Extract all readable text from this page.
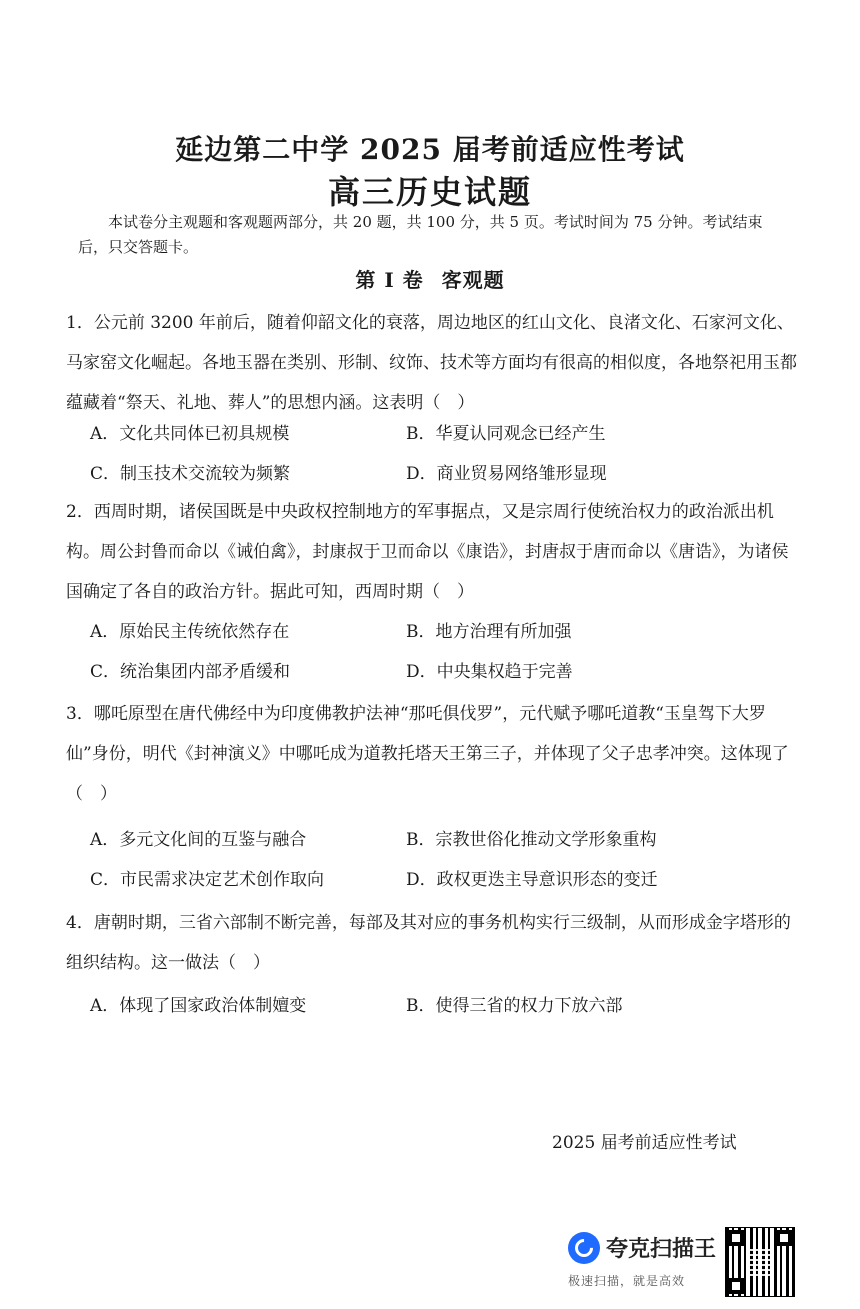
延边第二中学 2025 届考前适应性考试
高三历史试题
本试卷分主观题和客观题两部分，共 20 题，共 100 分，共 5 页。考试时间为 75 分钟。考试结束后，只交答题卡。
第 I 卷 客观题
1．公元前 3200 年前后，随着仰韶文化的衰落，周边地区的红山文化、良渚文化、石家河文化、马家窑文化崛起。各地玉器在类别、形制、纹饰、技术等方面均有很高的相似度，各地祭祀用玉都蕴藏着“祭天、礼地、葬人”的思想内涵。这表明（　）
A．文化共同体已初具规模	B．华夏认同观念已经产生
C．制玉技术交流较为频繁	D．商业贸易网络雏形显现
2．西周时期，诸侯国既是中央政权控制地方的军事据点，又是宗周行使统治权力的政治派出机构。周公封鲁而命以《诫伯禽》，封康叔于卫而命以《康诰》，封唐叔于唐而命以《唐诰》，为诸侯国确定了各自的政治方针。据此可知，西周时期（　）
A．原始民主传统依然存在	B．地方治理有所加强
C．统治集团内部矛盾缓和	D．中央集权趋于完善
3．哪吒原型在唐代佛经中为印度佛教护法神“那吒俱伐罗”，元代赋予哪吒道教“玉皇驾下大罗仙”身份，明代《封神演义》中哪吒成为道教托塔天王第三子，并体现了父子忠孝冲突。这体现了（　）
A．多元文化间的互鉴与融合	B．宗教世俗化推动文学形象重构
C．市民需求决定艺术创作取向	D．政权更迭主导意识形态的变迁
4．唐朝时期，三省六部制不断完善，每部及其对应的事务机构实行三级制，从而形成金字塔形的组织结构。这一做法（　）
A．体现了国家政治体制嬗变	B．使得三省的权力下放六部
2025 届考前适应性考试
夸克扫描王
极速扫描，就是高效
